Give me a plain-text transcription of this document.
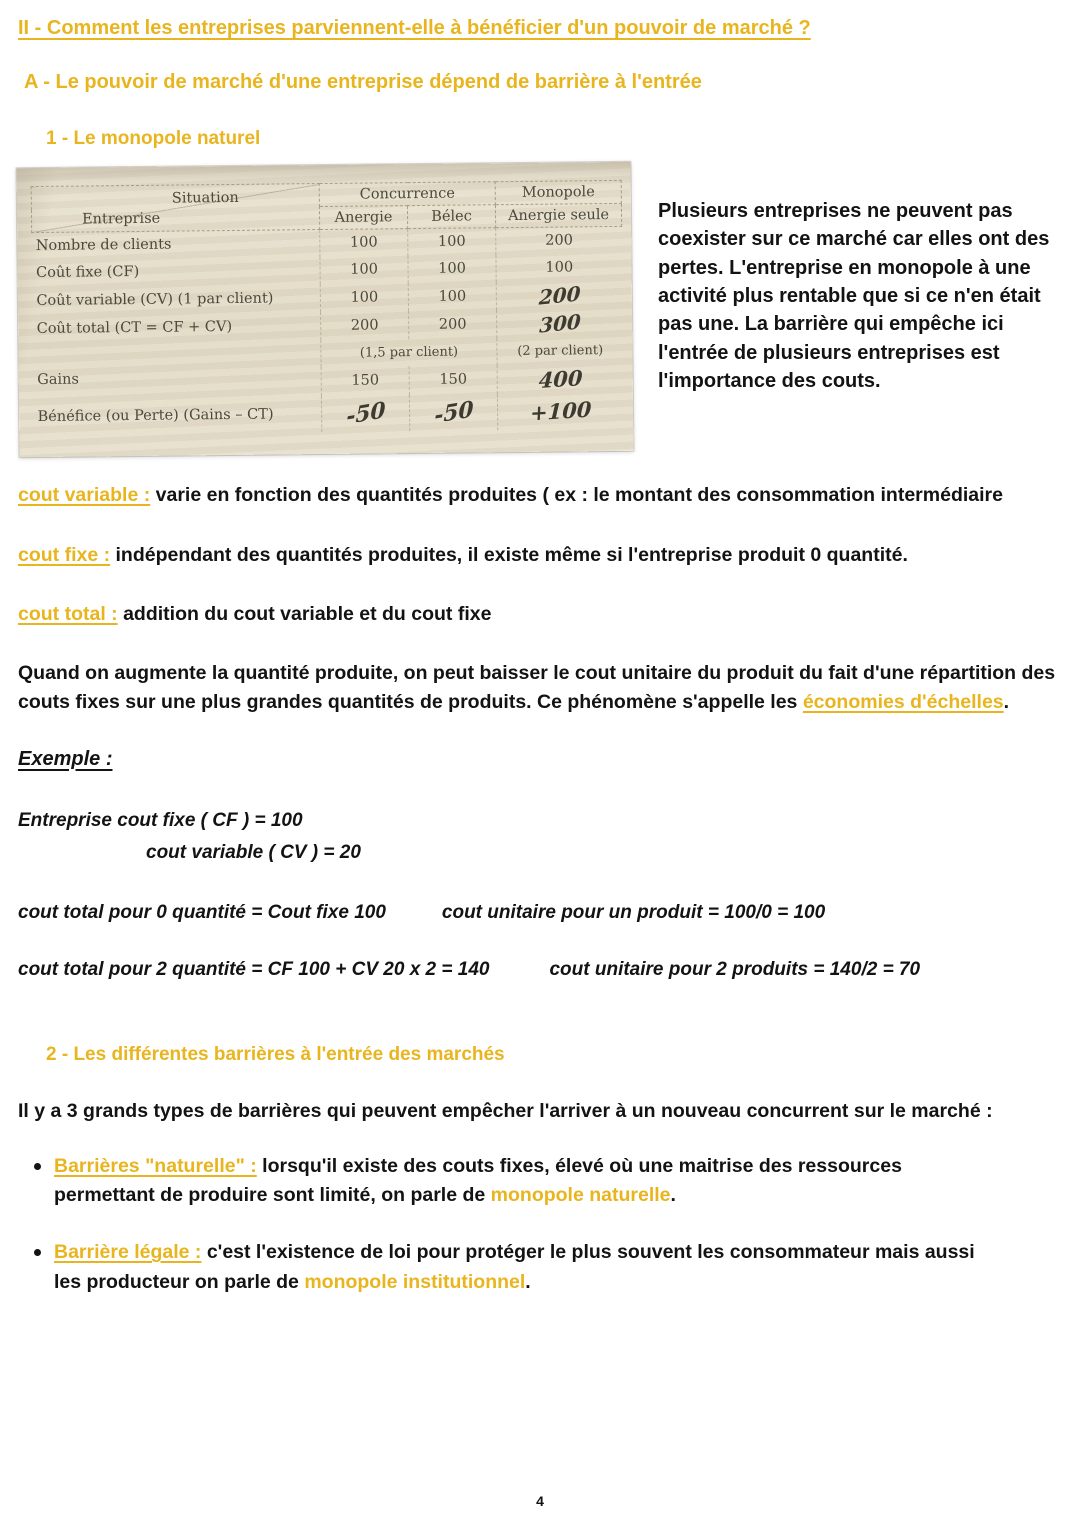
II - Comment les entreprises parviennent-elle à bénéficier d'un pouvoir de marché ?
A - Le pouvoir de marché d'une entreprise dépend de barrière à l'entrée
1 - Le monopole naturel
Situation
Entreprise	Concurrence		Monopole
	Anergie	Bélec	Anergie seule
Nombre de clients	100	100	200
Coût fixe (CF)	100	100	100
Coût variable (CV) (1 par client)	100	100	200
Coût total (CT = CF + CV)	200	200	300
	(1,5 par client)		(2 par client)
Gains	150	150	400
Bénéfice (ou Perte) (Gains – CT)	-50	-50	+100
Plusieurs entreprises ne peuvent pas coexister sur ce marché car elles ont des pertes. L'entreprise en monopole à une activité plus rentable que si ce n'en était pas une. La barrière qui empêche ici l'entrée de plusieurs entreprises est l'importance des couts.

cout variable : varie en fonction des quantités produites ( ex : le montant des consommation intermédiaire

cout fixe : indépendant des quantités produites, il existe même si l'entreprise produit 0 quantité.

cout total : addition du cout variable et du cout fixe

Quand on augmente la quantité produite, on peut baisser le cout unitaire du produit du fait d'une répartition des couts fixes sur une plus grandes quantités de produits. Ce phénomène s'appelle les économies d'échelles.

Exemple :

Entreprise cout fixe ( CF ) = 100

cout variable ( CV ) = 20

cout total pour 0 quantité = Cout fixe 100	cout unitaire pour un produit = 100/0 = 100
cout total pour 2 quantité = CF 100 + CV 20 x 2 = 140	cout unitaire pour 2 produits = 140/2 = 70
2 - Les différentes barrières à l'entrée des marchés

Il y a 3 grands types de barrières qui peuvent empêcher l'arriver à un nouveau concurrent sur le marché :

Barrières "naturelle" : lorsqu'il existe des couts fixes, élevé où une maitrise des ressources permettant de produire sont limité, on parle de monopole naturelle.
Barrière légale : c'est l'existence de loi pour protéger le plus souvent les consommateur mais aussi les producteur on parle de monopole institutionnel.
4
